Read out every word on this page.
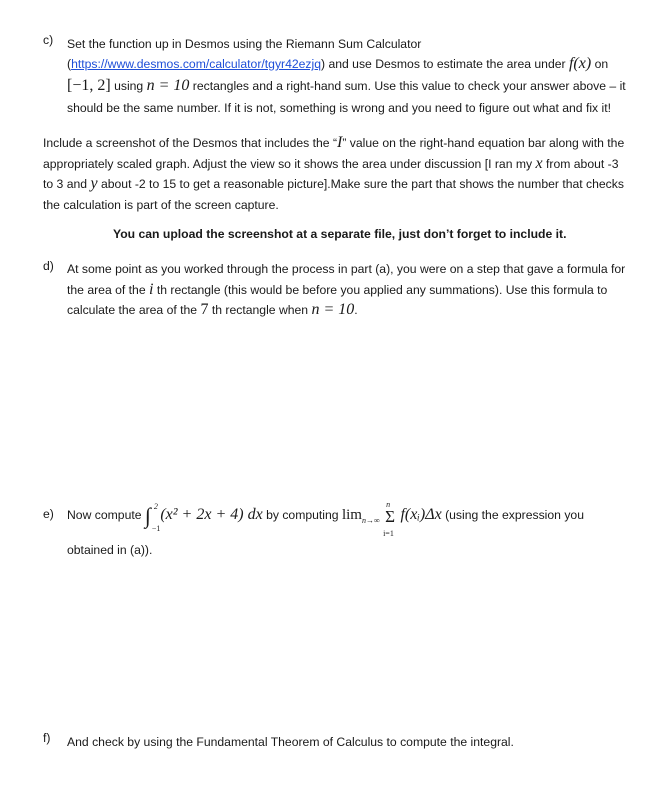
c) Set the function up in Desmos using the Riemann Sum Calculator
(https://www.desmos.com/calculator/tgyr42ezjq) and use Desmos to estimate the area under f(x) on
[−1, 2] using n = 10 rectangles and a right-hand sum. Use this value to check your answer above – it
should be the same number. If it is not, something is wrong and you need to figure out what and fix it!
Include a screenshot of the Desmos that includes the “I” value on the right-hand equation bar along with the
appropriately scaled graph. Adjust the view so it shows the area under discussion [I ran my x from about -3
to 3 and y about -2 to 15 to get a reasonable picture].Make sure the part that shows the number that checks
the calculation is part of the screen capture.
You can upload the screenshot at a separate file, just don’t forget to include it.
d) At some point as you worked through the process in part (a), you were on a step that gave a formula for
the area of the i th rectangle (this would be before you applied any summations). Use this formula to
calculate the area of the 7 th rectangle when n = 10.
e) Now compute ∫ 2
−1
(x² + 2x + 4) dx by computing $\lim_{n\to\infty}$
n
Σ
i=1
f(xᵢ)Δx (using the expression you
obtained in (a)).
f) And check by using the Fundamental Theorem of Calculus to compute the integral.
